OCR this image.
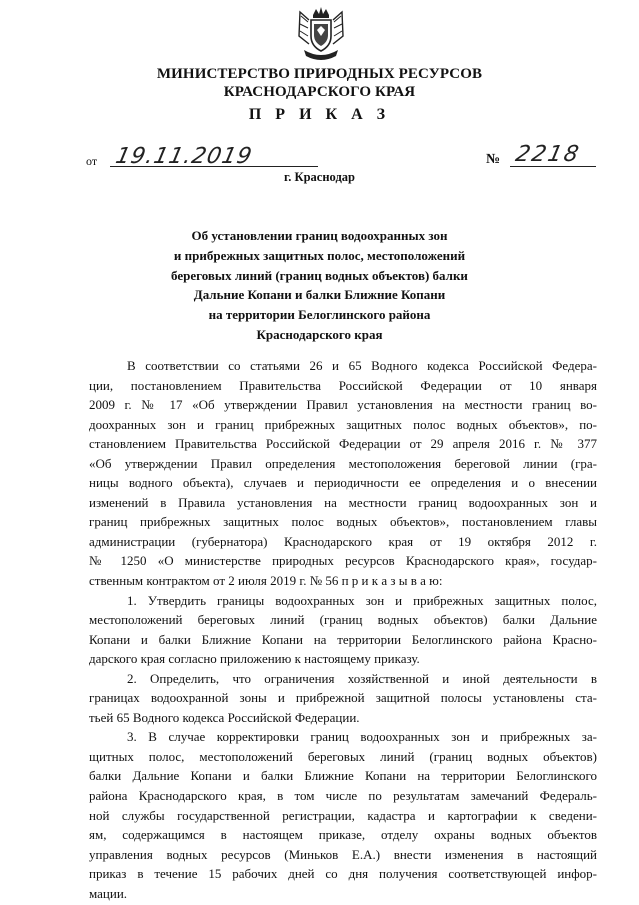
МИНИСТЕРСТВО ПРИРОДНЫХ РЕСУРСОВ
КРАСНОДАРСКОГО КРАЯ
П Р И К А З
от 19.11.2019	№ 2218
г. Краснодар
Об установлении границ водоохранных зон
и прибрежных защитных полос, местоположений
береговых линий (границ водных объектов) балки
Дальние Копани и балки Ближние Копани
на территории Белоглинского района
Краснодарского края
В соответствии со статьями 26 и 65 Водного кодекса Российской Федера-
ции, постановлением Правительства Российской Федерации от 10 января
2009 г. № 17 «Об утверждении Правил установления на местности границ во-
доохранных зон и границ прибрежных защитных полос водных объектов», по-
становлением Правительства Российской Федерации от 29 апреля 2016 г. № 377
«Об утверждении Правил определения местоположения береговой линии (гра-
ницы водного объекта), случаев и периодичности ее определения и о внесении
изменений в Правила установления на местности границ водоохранных зон и
границ прибрежных защитных полос водных объектов», постановлением главы
администрации (губернатора) Краснодарского края от 19 октября 2012 г.
№ 1250 «О министерстве природных ресурсов Краснодарского края», государ-
ственным контрактом от 2 июля 2019 г. № 56 п р и к а з ы в а ю:
1. Утвердить границы водоохранных зон и прибрежных защитных полос,
местоположений береговых линий (границ водных объектов) балки Дальние
Копани и балки Ближние Копани на территории Белоглинского района Красно-
дарского края согласно приложению к настоящему приказу.
2. Определить, что ограничения хозяйственной и иной деятельности в
границах водоохранной зоны и прибрежной защитной полосы установлены ста-
тьей 65 Водного кодекса Российской Федерации.
3. В случае корректировки границ водоохранных зон и прибрежных за-
щитных полос, местоположений береговых линий (границ водных объектов)
балки Дальние Копани и балки Ближние Копани на территории Белоглинского
района Краснодарского края, в том числе по результатам замечаний Федераль-
ной службы государственной регистрации, кадастра и картографии к сведени-
ям, содержащимся в настоящем приказе, отделу охраны водных объектов
управления водных ресурсов (Миньков Е.А.) внести изменения в настоящий
приказ в течение 15 рабочих дней со дня получения соответствующей инфор-
мации.
